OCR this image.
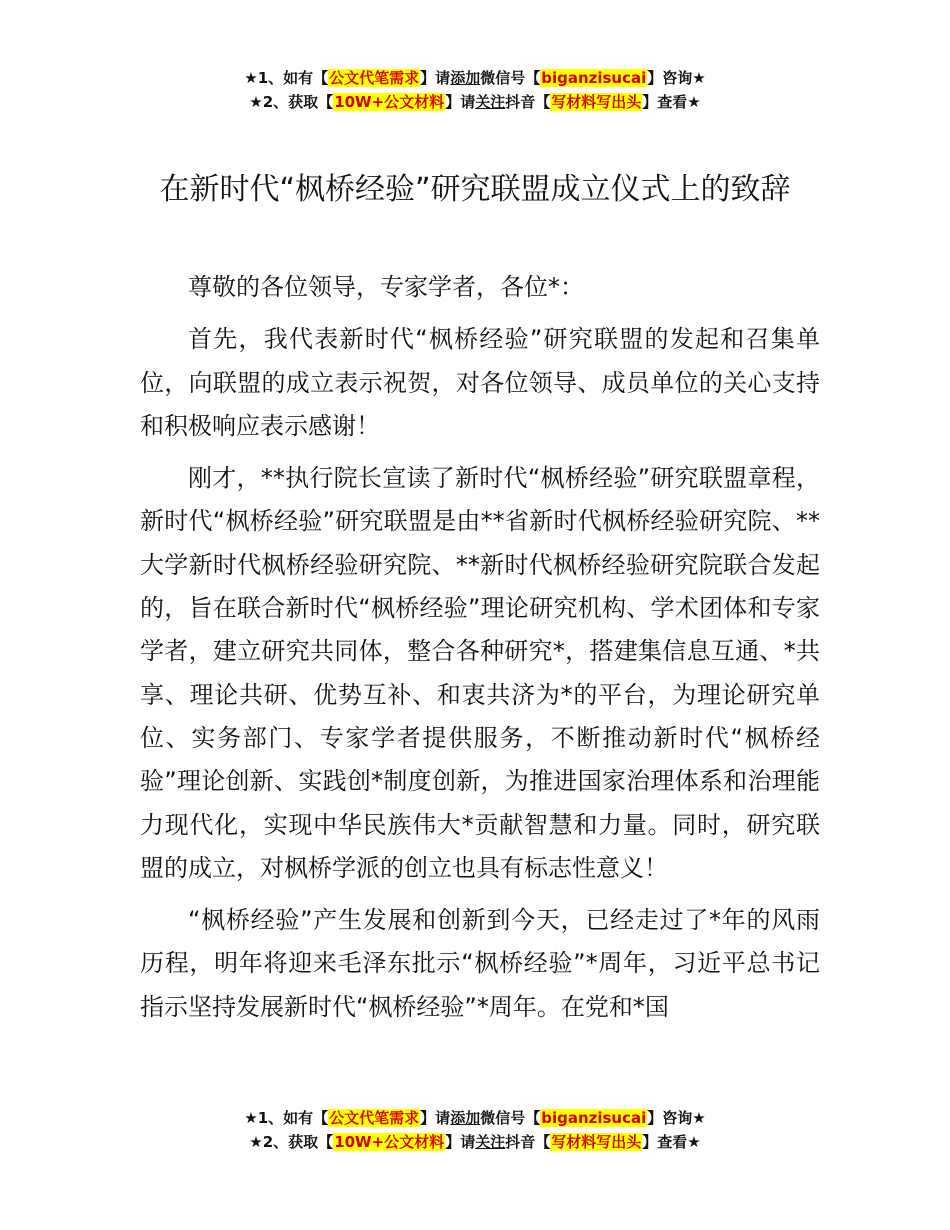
★1、如有【公文代笔需求】请添加微信号【biganzisucai】咨询★
★2、获取【10W+公文材料】请关注抖音【写材料写出头】查看★
在新时代“枫桥经验”研究联盟成立仪式上的致辞

尊敬的各位领导，专家学者，各位*：

首先，我代表新时代“枫桥经验”研究联盟的发起和召集单位，向联盟的成立表示祝贺，对各位领导、成员单位的关心支持和积极响应表示感谢！

刚才，**执行院长宣读了新时代“枫桥经验”研究联盟章程，新时代“枫桥经验”研究联盟是由**省新时代枫桥经验研究院、**大学新时代枫桥经验研究院、**新时代枫桥经验研究院联合发起的，旨在联合新时代“枫桥经验”理论研究机构、学术团体和专家学者，建立研究共同体，整合各种研究*，搭建集信息互通、*共享、理论共研、优势互补、和衷共济为*的平台，为理论研究单位、实务部门、专家学者提供服务，不断推动新时代“枫桥经验”理论创新、实践创*制度创新，为推进国家治理体系和治理能力现代化，实现中华民族伟大*贡献智慧和力量。同时，研究联盟的成立，对枫桥学派的创立也具有标志性意义！

“枫桥经验”产生发展和创新到今天，已经走过了*年的风雨历程，明年将迎来毛泽东批示“枫桥经验”*周年，习近平总书记指示坚持发展新时代“枫桥经验”*周年。在党和*国

★1、如有【公文代笔需求】请添加微信号【biganzisucai】咨询★
★2、获取【10W+公文材料】请关注抖音【写材料写出头】查看★
